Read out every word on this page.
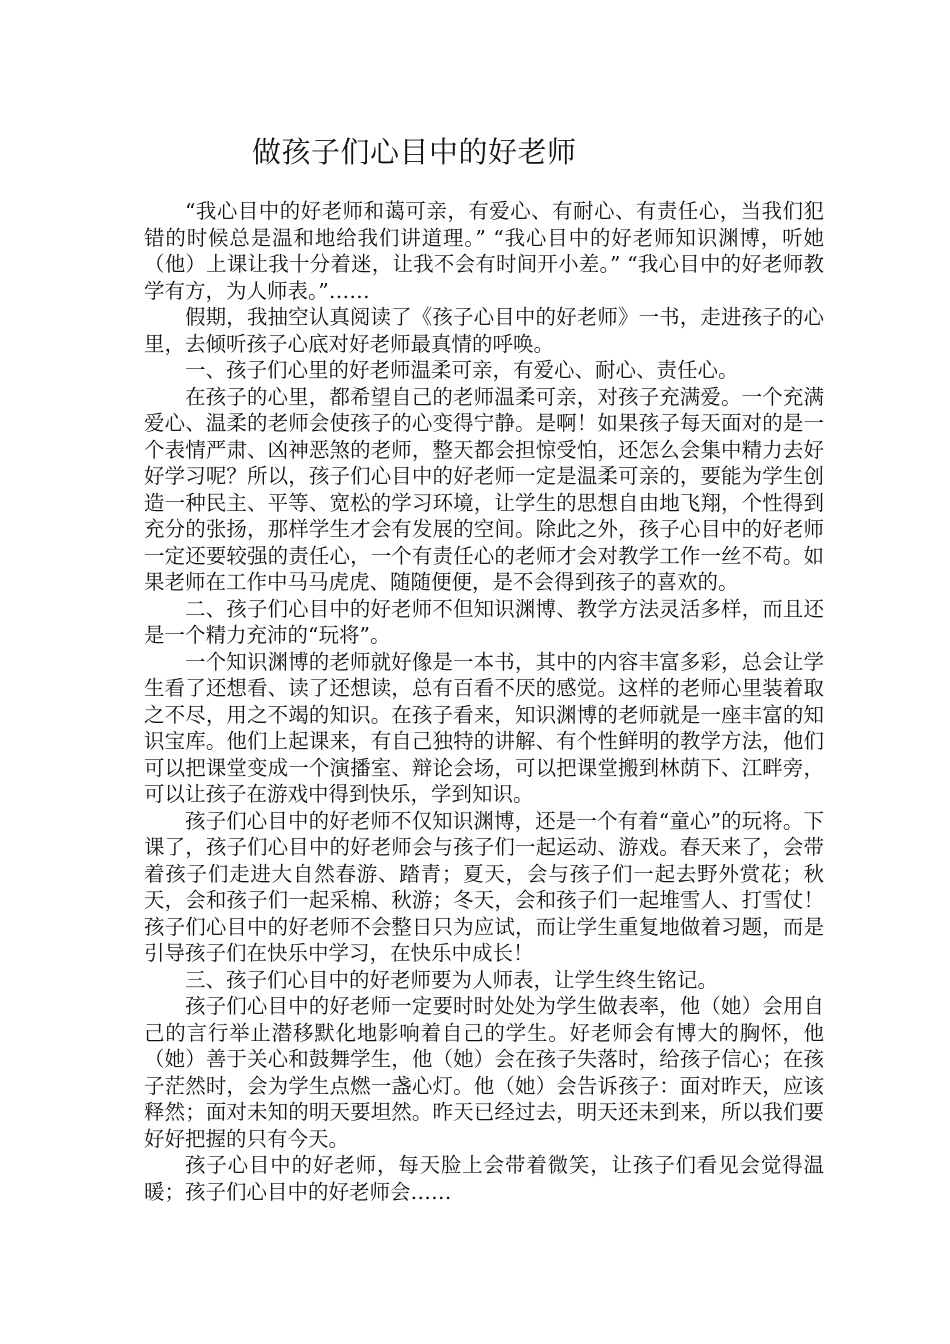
做孩子们心目中的好老师

“我心目中的好老师和蔼可亲，有爱心、有耐心、有责任心，当我们犯错的时候总是温和地给我们讲道理。” “我心目中的好老师知识渊博，听她（他）上课让我十分着迷，让我不会有时间开小差。” “我心目中的好老师教学有方，为人师表。”……

假期，我抽空认真阅读了《孩子心目中的好老师》一书，走进孩子的心里，去倾听孩子心底对好老师最真情的呼唤。

一、孩子们心里的好老师温柔可亲，有爱心、耐心、责任心。

在孩子的心里，都希望自己的老师温柔可亲，对孩子充满爱。一个充满爱心、温柔的老师会使孩子的心变得宁静。是啊！如果孩子每天面对的是一个表情严肃、凶神恶煞的老师，整天都会担惊受怕，还怎么会集中精力去好好学习呢？所以，孩子们心目中的好老师一定是温柔可亲的，要能为学生创造一种民主、平等、宽松的学习环境，让学生的思想自由地飞翔，个性得到充分的张扬，那样学生才会有发展的空间。除此之外，孩子心目中的好老师一定还要较强的责任心，一个有责任心的老师才会对教学工作一丝不苟。如果老师在工作中马马虎虎、随随便便，是不会得到孩子的喜欢的。

二、孩子们心目中的好老师不但知识渊博、教学方法灵活多样，而且还是一个精力充沛的“玩将”。

一个知识渊博的老师就好像是一本书，其中的内容丰富多彩，总会让学生看了还想看、读了还想读，总有百看不厌的感觉。这样的老师心里装着取之不尽，用之不竭的知识。在孩子看来，知识渊博的老师就是一座丰富的知识宝库。他们上起课来，有自己独特的讲解、有个性鲜明的教学方法，他们可以把课堂变成一个演播室、辩论会场，可以把课堂搬到林荫下、江畔旁，可以让孩子在游戏中得到快乐，学到知识。

孩子们心目中的好老师不仅知识渊博，还是一个有着“童心”的玩将。下课了，孩子们心目中的好老师会与孩子们一起运动、游戏。春天来了，会带着孩子们走进大自然春游、踏青；夏天，会与孩子们一起去野外赏花；秋天，会和孩子们一起采棉、秋游；冬天，会和孩子们一起堆雪人、打雪仗！孩子们心目中的好老师不会整日只为应试，而让学生重复地做着习题，而是引导孩子们在快乐中学习，在快乐中成长！

三、孩子们心目中的好老师要为人师表，让学生终生铭记。

孩子们心目中的好老师一定要时时处处为学生做表率，他（她）会用自己的言行举止潜移默化地影响着自己的学生。好老师会有博大的胸怀，他（她）善于关心和鼓舞学生，他（她）会在孩子失落时，给孩子信心；在孩子茫然时，会为学生点燃一盏心灯。他（她）会告诉孩子：面对昨天，应该释然；面对未知的明天要坦然。昨天已经过去，明天还未到来，所以我们要好好把握的只有今天。

孩子心目中的好老师，每天脸上会带着微笑，让孩子们看见会觉得温暖；孩子们心目中的好老师会……
